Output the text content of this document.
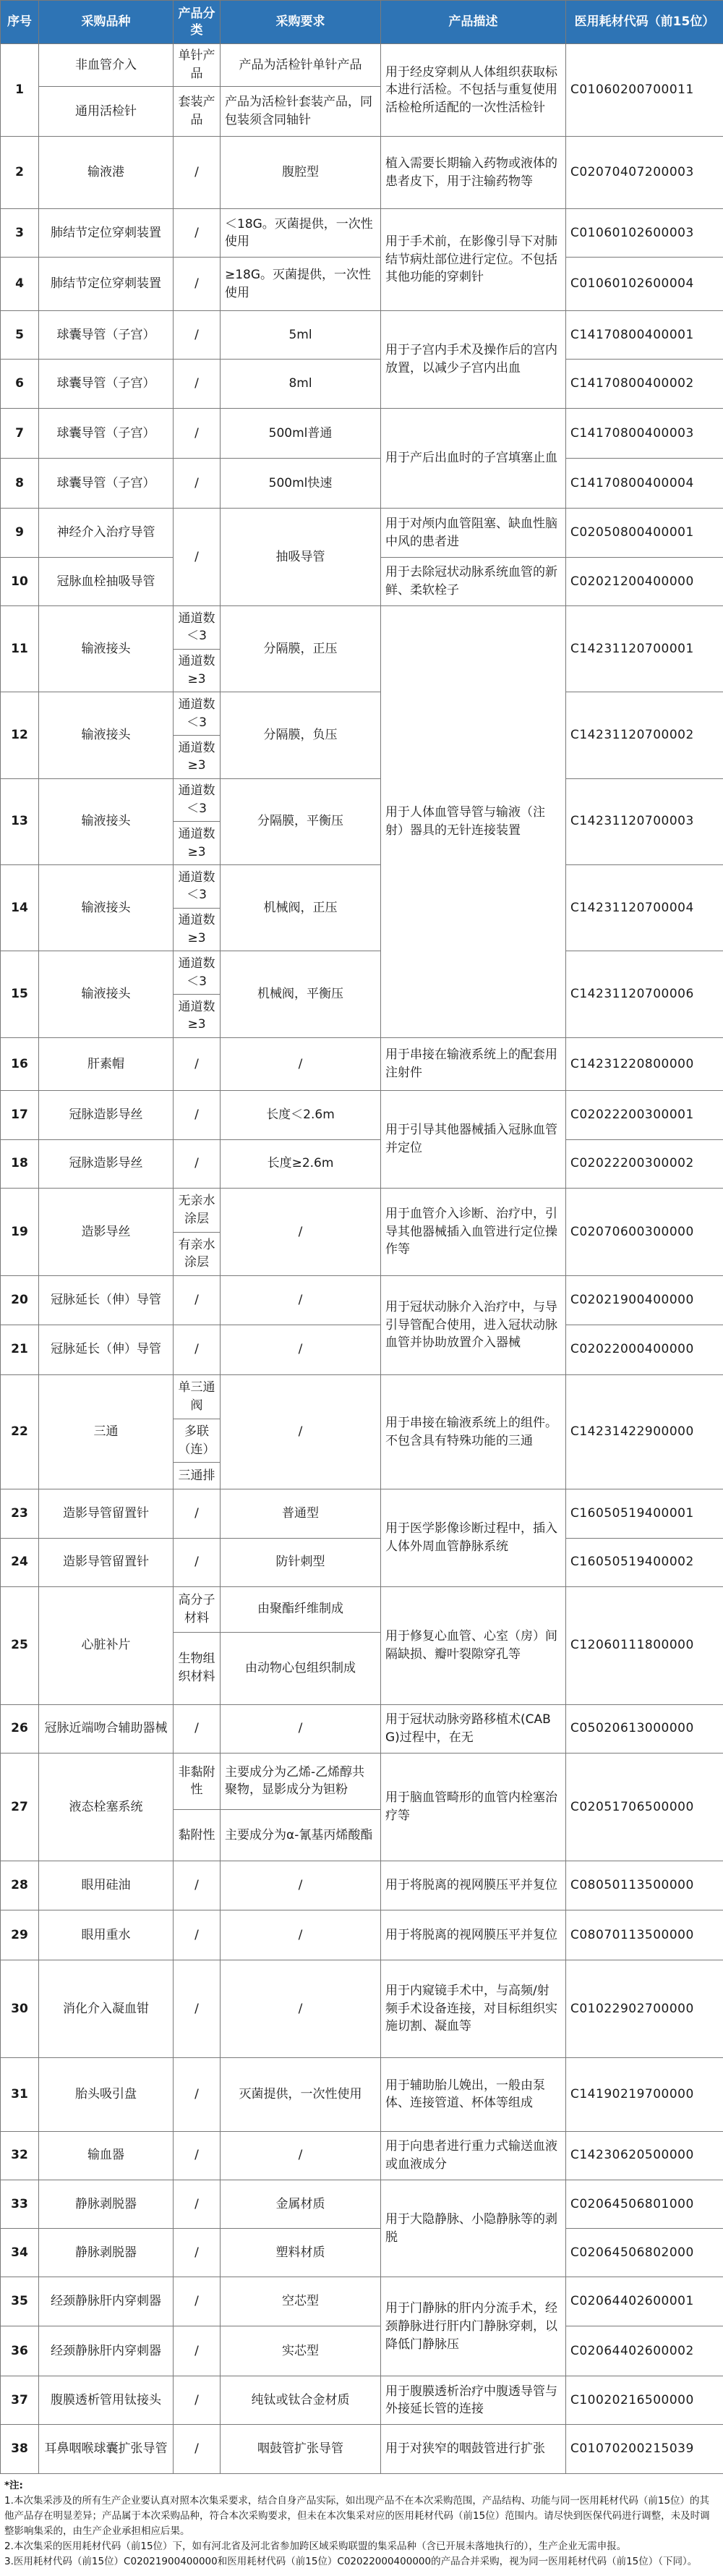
序号	采购品种	产品分类	采购要求	产品描述	医用耗材代码（前15位）
1	非血管介入	单针产品	产品为活检针单针产品	用于经皮穿刺从人体组织获取标本进行活检。不包括与重复使用活检枪所适配的一次性活检针	C01060200700011
	通用活检针	套装产品	产品为活检针套装产品，同包装须含同轴针		
2	输液港	/	腹腔型	植入需要长期输入药物或液体的患者皮下，用于注输药物等	C02070407200003
3	肺结节定位穿刺装置	/	＜18G。灭菌提供，一次性使用	用于手术前，在影像引导下对肺结节病灶部位进行定位。不包括其他功能的穿刺针	C01060102600003
4	肺结节定位穿刺装置	/	≥18G。灭菌提供，一次性使用		C01060102600004
5	球囊导管（子宫）	/	5ml	用于子宫内手术及操作后的宫内放置，以减少子宫内出血	C14170800400001
6	球囊导管（子宫）	/	8ml		C14170800400002
7	球囊导管（子宫）	/	500ml普通	用于产后出血时的子宫填塞止血	C14170800400003
8	球囊导管（子宫）	/	500ml快速		C14170800400004
9	神经介入治疗导管	/	抽吸导管	用于对颅内血管阻塞、缺血性脑中风的患者进	C02050800400001
10	冠脉血栓抽吸导管			用于去除冠状动脉系统血管的新鲜、柔软栓子	C02021200400000
11	输液接头	通道数＜3	分隔膜，正压	用于人体血管导管与输液（注射）器具的无针连接装置	C14231120700001
		通道数≥3			
12	输液接头	通道数＜3	分隔膜，负压		C14231120700002
		通道数≥3			
13	输液接头	通道数＜3	分隔膜，平衡压		C14231120700003
		通道数≥3			
14	输液接头	通道数＜3	机械阀，正压		C14231120700004
		通道数≥3			
15	输液接头	通道数＜3	机械阀，平衡压		C14231120700006
		通道数≥3			
16	肝素帽	/	/	用于串接在输液系统上的配套用注射件	C14231220800000
17	冠脉造影导丝	/	长度＜2.6m	用于引导其他器械插入冠脉血管并定位	C02022200300001
18	冠脉造影导丝	/	长度≥2.6m		C02022200300002
19	造影导丝	无亲水涂层	/	用于血管介入诊断、治疗中，引导其他器械插入血管进行定位操作等	C02070600300000
		有亲水涂层			
20	冠脉延长（伸）导管	/	/	用于冠状动脉介入治疗中，与导引导管配合使用，进入冠状动脉血管并协助放置介入器械	C02021900400000
21	冠脉延长（伸）导管	/	/		C02022000400000
22	三通	单三通阀	/	用于串接在输液系统上的组件。不包含具有特殊功能的三通	C14231422900000
		多联（连）			
		三通排			
23	造影导管留置针	/	普通型	用于医学影像诊断过程中，插入人体外周血管静脉系统	C16050519400001
24	造影导管留置针	/	防针刺型		C16050519400002
25	心脏补片	高分子材料	由聚酯纤维制成	用于修复心血管、心室（房）间隔缺损、瓣叶裂隙穿孔等	C12060111800000
		生物组织材料	由动物心包组织制成		
26	冠脉近端吻合辅助器械	/	/	用于冠状动脉旁路移植术(CABG)过程中，在无	C05020613000000
27	液态栓塞系统	非黏附性	主要成分为乙烯-乙烯醇共聚物，显影成分为钽粉	用于脑血管畸形的血管内栓塞治疗等	C02051706500000
		黏附性	主要成分为α-氰基丙烯酸酯		
28	眼用硅油	/	/	用于将脱离的视网膜压平并复位	C08050113500000
29	眼用重水	/	/	用于将脱离的视网膜压平并复位	C08070113500000
30	消化介入凝血钳	/	/	用于内窥镜手术中，与高频/射频手术设备连接，对目标组织实施切割、凝血等	C01022902700000
31	胎头吸引盘	/	灭菌提供，一次性使用	用于辅助胎儿娩出，一般由泵体、连接管道、杯体等组成	C14190219700000
32	输血器	/	/	用于向患者进行重力式输送血液或血液成分	C14230620500000
33	静脉剥脱器	/	金属材质	用于大隐静脉、小隐静脉等的剥脱	C02064506801000
34	静脉剥脱器	/	塑料材质		C02064506802000
35	经颈静脉肝内穿刺器	/	空芯型	用于门静脉的肝内分流手术，经颈静脉进行肝内门静脉穿刺，以降低门静脉压	C02064402600001
36	经颈静脉肝内穿刺器	/	实芯型		C02064402600002
37	腹膜透析管用钛接头	/	纯钛或钛合金材质	用于腹膜透析治疗中腹透导管与外接延长管的连接	C10020216500000
38	耳鼻咽喉球囊扩张导管	/	咽鼓管扩张导管	用于对狭窄的咽鼓管进行扩张	C01070200215039

*注:

1.本次集采涉及的所有生产企业要认真对照本次集采要求，结合自身产品实际，如出现产品不在本次采购范围，产品结构、功能与同一医用耗材代码（前15位）的其他产品存在明显差异；产品属于本次采购品种，符合本次采购要求，但未在本次集采对应的医用耗材代码（前15位）范围内。请尽快到医保代码进行调整，未及时调整影响集采的，由生产企业承担相应后果。

2.本次集采的医用耗材代码（前15位）下，如有河北省及河北省参加跨区域采购联盟的集采品种（含已开展未落地执行的），生产企业无需申报。

3.医用耗材代码（前15位）C02021900400000和医用耗材代码（前15位）C02022000400000的产品合并采购，视为同一医用耗材代码（前15位）（下同）。
